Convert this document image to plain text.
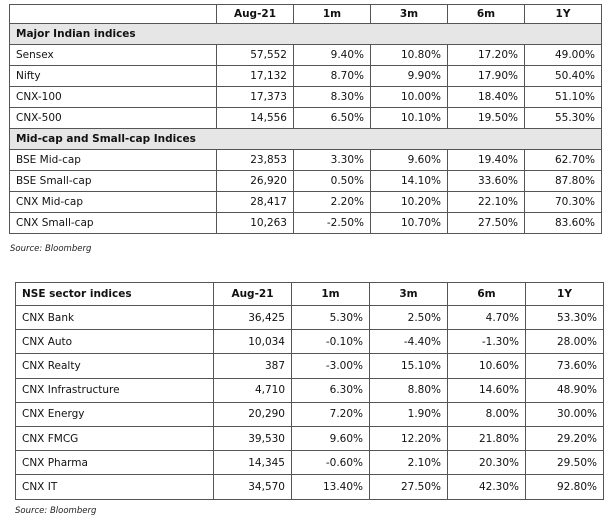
	Aug-21	1m	3m	6m	1Y
Major Indian indices					
Sensex	57,552	9.40%	10.80%	17.20%	49.00%
Nifty	17,132	8.70%	9.90%	17.90%	50.40%
CNX-100	17,373	8.30%	10.00%	18.40%	51.10%
CNX-500	14,556	6.50%	10.10%	19.50%	55.30%
Mid-cap and Small-cap Indices					
BSE Mid-cap	23,853	3.30%	9.60%	19.40%	62.70%
BSE Small-cap	26,920	0.50%	14.10%	33.60%	87.80%
CNX Mid-cap	28,417	2.20%	10.20%	22.10%	70.30%
CNX Small-cap	10,263	-2.50%	10.70%	27.50%	83.60%
Source: Bloomberg
NSE sector indices	Aug-21	1m	3m	6m	1Y
CNX Bank	36,425	5.30%	2.50%	4.70%	53.30%
CNX Auto	10,034	-0.10%	-4.40%	-1.30%	28.00%
CNX Realty	387	-3.00%	15.10%	10.60%	73.60%
CNX Infrastructure	4,710	6.30%	8.80%	14.60%	48.90%
CNX Energy	20,290	7.20%	1.90%	8.00%	30.00%
CNX FMCG	39,530	9.60%	12.20%	21.80%	29.20%
CNX Pharma	14,345	-0.60%	2.10%	20.30%	29.50%
CNX IT	34,570	13.40%	27.50%	42.30%	92.80%
Source: Bloomberg
